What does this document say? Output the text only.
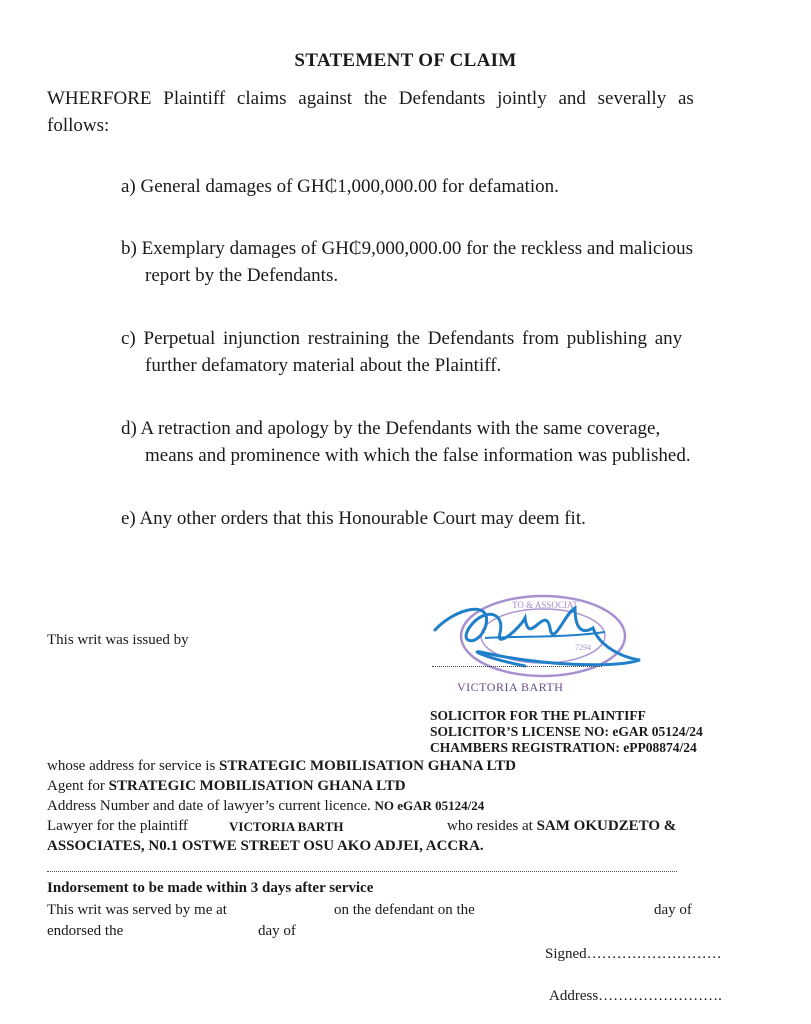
STATEMENT OF CLAIM
WHERFORE Plaintiff claims against the Defendants jointly and severally as
follows:
a) General damages of GH₵1,000,000.00 for defamation.
b) Exemplary damages of GH₵9,000,000.00 for the reckless and malicious
report by the Defendants.
c) Perpetual injunction restraining the Defendants from publishing any
further defamatory material about the Plaintiff.
d) A retraction and apology by the Defendants with the same coverage,
means and prominence with which the false information was published.
e) Any other orders that this Honourable Court may deem fit.
This writ was issued by
TO & ASSOCIAT
7294
VICTORIA BARTH
SOLICITOR FOR THE PLAINTIFF
SOLICITOR’S LICENSE NO: eGAR 05124/24
CHAMBERS REGISTRATION: ePP08874/24
whose address for service is STRATEGIC MOBILISATION GHANA LTD
Agent for STRATEGIC MOBILISATION GHANA LTD
Address Number and date of lawyer’s current licence. NO eGAR 05124/24
Lawyer for the plaintiff	VICTORIA BARTH	who resides at SAM OKUDZETO &
ASSOCIATES, N0.1 OSTWE STREET OSU AKO ADJEI, ACCRA.
Indorsement to be made within 3 days after service
This writ was served by me at	on the defendant on the	day of
endorsed the	day of
Signed………………………
Address…………………….
